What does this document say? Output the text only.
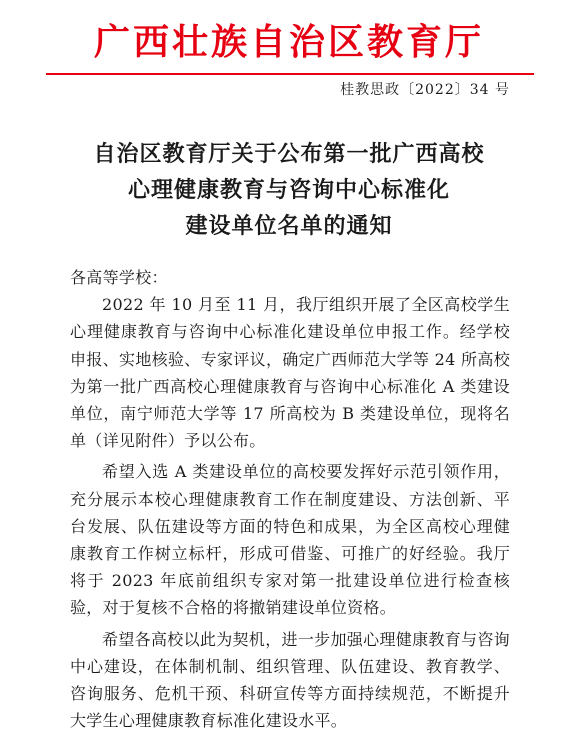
广西壮族自治区教育厅
桂教思政〔2022〕34 号
自治区教育厅关于公布第一批广西高校
心理健康教育与咨询中心标准化
建设单位名单的通知

各高等学校：

2022 年 10 月至 11 月，我厅组织开展了全区高校学生心理健康教育与咨询中心标准化建设单位申报工作。经学校申报、实地核验、专家评议，确定广西师范大学等 24 所高校为第一批广西高校心理健康教育与咨询中心标准化 A 类建设单位，南宁师范大学等 17 所高校为 B 类建设单位，现将名单（详见附件）予以公布。

希望入选 A 类建设单位的高校要发挥好示范引领作用，充分展示本校心理健康教育工作在制度建设、方法创新、平台发展、队伍建设等方面的特色和成果，为全区高校心理健康教育工作树立标杆，形成可借鉴、可推广的好经验。我厅将于 2023 年底前组织专家对第一批建设单位进行检查核验，对于复核不合格的将撤销建设单位资格。

希望各高校以此为契机，进一步加强心理健康教育与咨询中心建设，在体制机制、组织管理、队伍建设、教育教学、咨询服务、危机干预、科研宣传等方面持续规范，不断提升大学生心理健康教育标准化建设水平。
